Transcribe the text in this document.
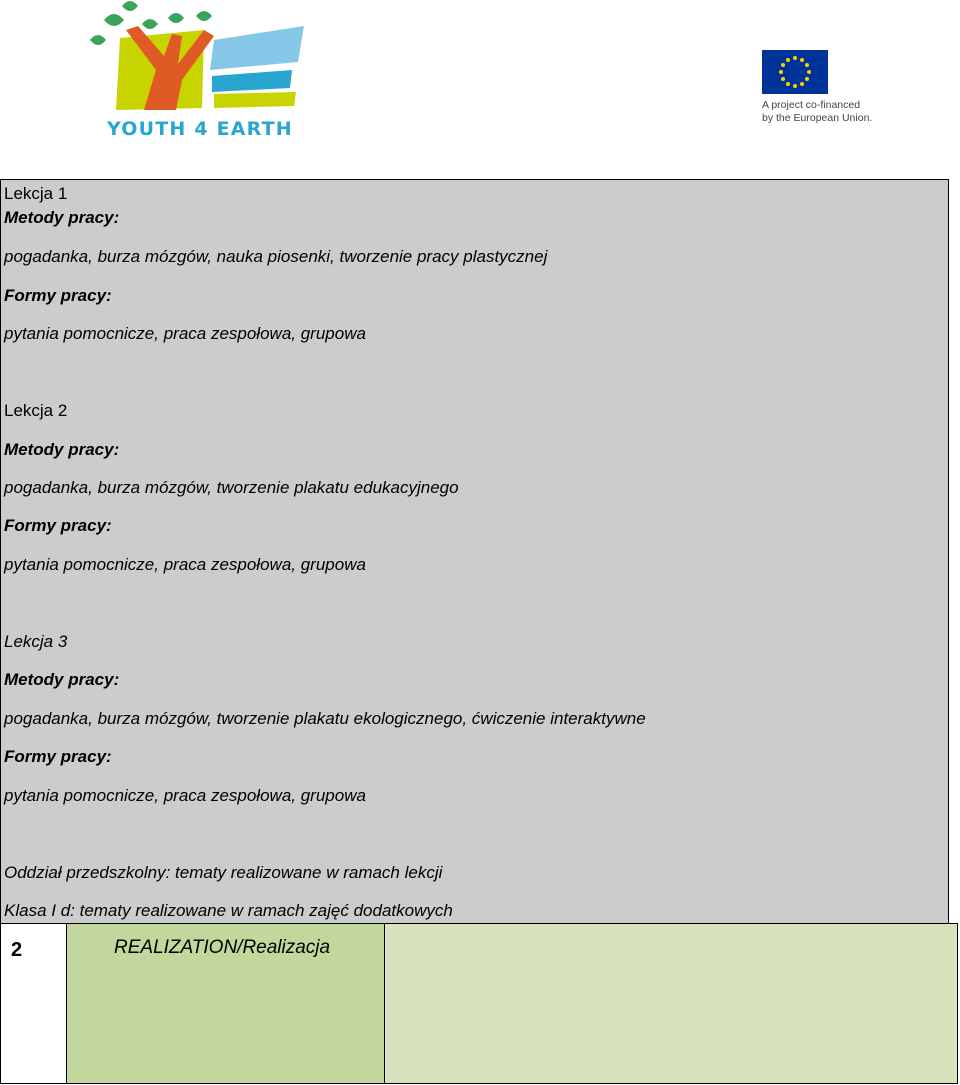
YOUTH 4 EARTH
A project co-financed
by the European Union.
Lekcja 1
Metody pracy:
pogadanka, burza mózgów, nauka piosenki, tworzenie pracy plastycznej
Formy pracy:
pytania pomocnicze, praca zespołowa, grupowa
Lekcja 2
Metody pracy:
pogadanka, burza mózgów, tworzenie plakatu edukacyjnego
Formy pracy:
pytania pomocnicze, praca zespołowa, grupowa
Lekcja 3
Metody pracy:
pogadanka, burza mózgów, tworzenie plakatu ekologicznego, ćwiczenie interaktywne
Formy pracy:
pytania pomocnicze, praca zespołowa, grupowa
Oddział przedszkolny: tematy realizowane w ramach lekcji
Klasa I d: tematy realizowane w ramach zajęć dodatkowych
2	REALIZATION/Realizacja
